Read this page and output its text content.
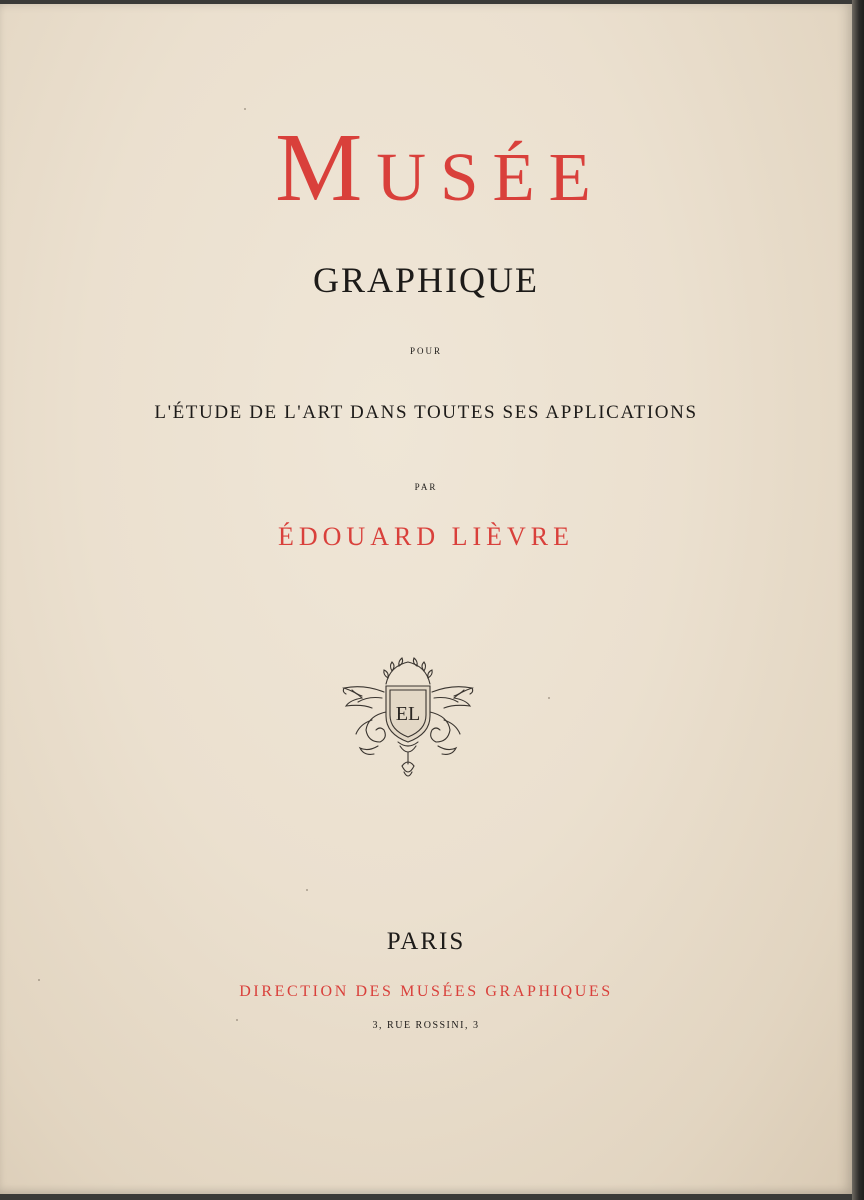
Musée
GRAPHIQUE
POUR
L'ÉTUDE DE L'ART DANS TOUTES SES APPLICATIONS
PAR
ÉDOUARD LIÈVRE
EL
PARIS
DIRECTION DES MUSÉES GRAPHIQUES
3, RUE ROSSINI, 3
